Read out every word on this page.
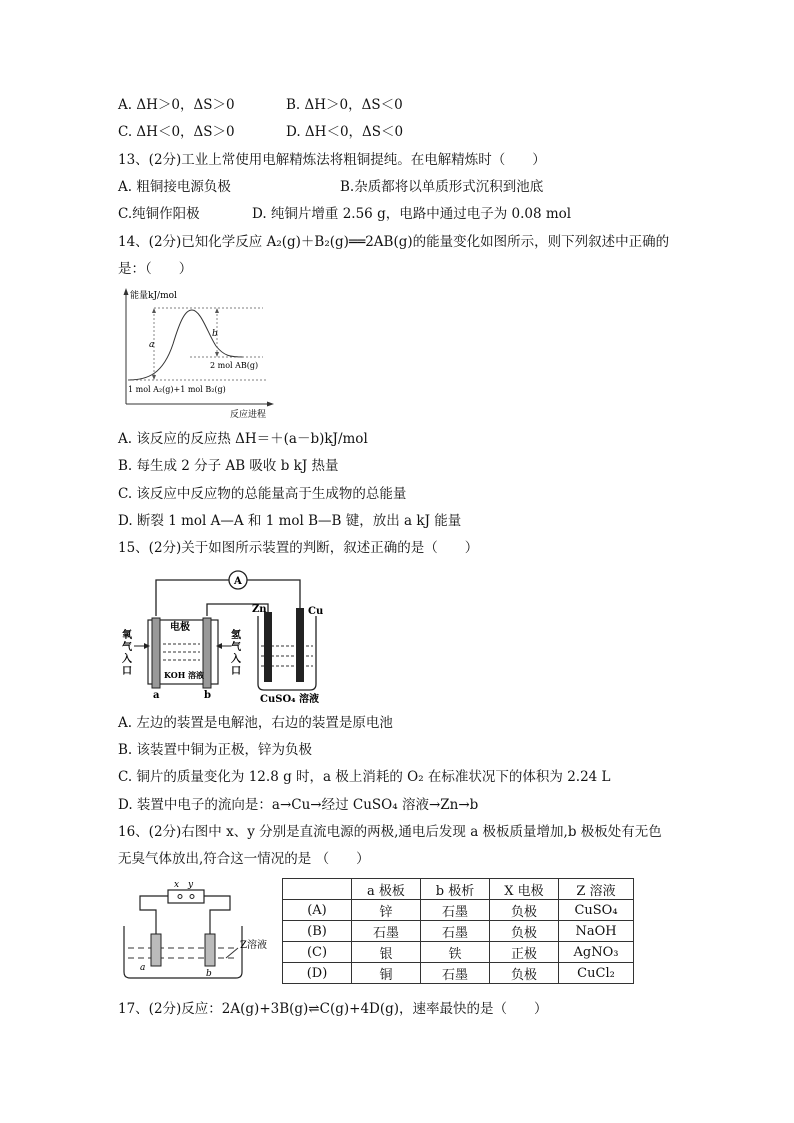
A. ΔH＞0，ΔS＞0	B. ΔH＞0，ΔS＜0
C. ΔH＜0，ΔS＞0	D. ΔH＜0，ΔS＜0
13、(2分)工业上常使用电解精炼法将粗铜提纯。在电解精炼时（　　）
A. 粗铜接电源负极	B.杂质都将以单质形式沉积到池底
C.纯铜作阳极	D. 纯铜片增重 2.56 g，电路中通过电子为 0.08 mol
14、(2分)已知化学反应 A₂(g)＋B₂(g)══2AB(g)的能量变化如图所示，则下列叙述中正确的
是：（　　）
能量kJ/mol
反应进程
a
b
2 mol AB(g)
1 mol A₂(g)+1 mol B₂(g)
A. 该反应的反应热 ΔH＝＋(a－b)kJ/mol
B. 每生成 2 分子 AB 吸收 b kJ 热量
C. 该反应中反应物的总能量高于生成物的总能量
D. 断裂 1 mol A—A 和 1 mol B—B 键，放出 a kJ 能量
15、(2分)关于如图所示装置的判断，叙述正确的是（　　）
A
电极
KOH 溶液
氧
气
入
口
氢
气
入
口
a	b
Zn	Cu
CuSO₄ 溶液
A. 左边的装置是电解池，右边的装置是原电池
B. 该装置中铜为正极，锌为负极
C. 铜片的质量变化为 12.8 g 时，a 极上消耗的 O₂ 在标准状况下的体积为 2.24 L
D. 装置中电子的流向是：a→Cu→经过 CuSO₄ 溶液→Zn→b
16、(2分)右图中 x、y 分别是直流电源的两极,通电后发现 a 极板质量增加,b 极板处有无色
无臭气体放出,符合这一情况的是 （　　）
x y
a
b
Z溶液
	a 极板	b 极析	X 电极	Z 溶液
(A)	锌	石墨	负极	CuSO₄
(B)	石墨	石墨	负极	NaOH
(C)	银	铁	正极	AgNO₃
(D)	铜	石墨	负极	CuCl₂
17、(2分)反应：2A(g)+3B(g)⇌C(g)+4D(g)，速率最快的是（　　）
